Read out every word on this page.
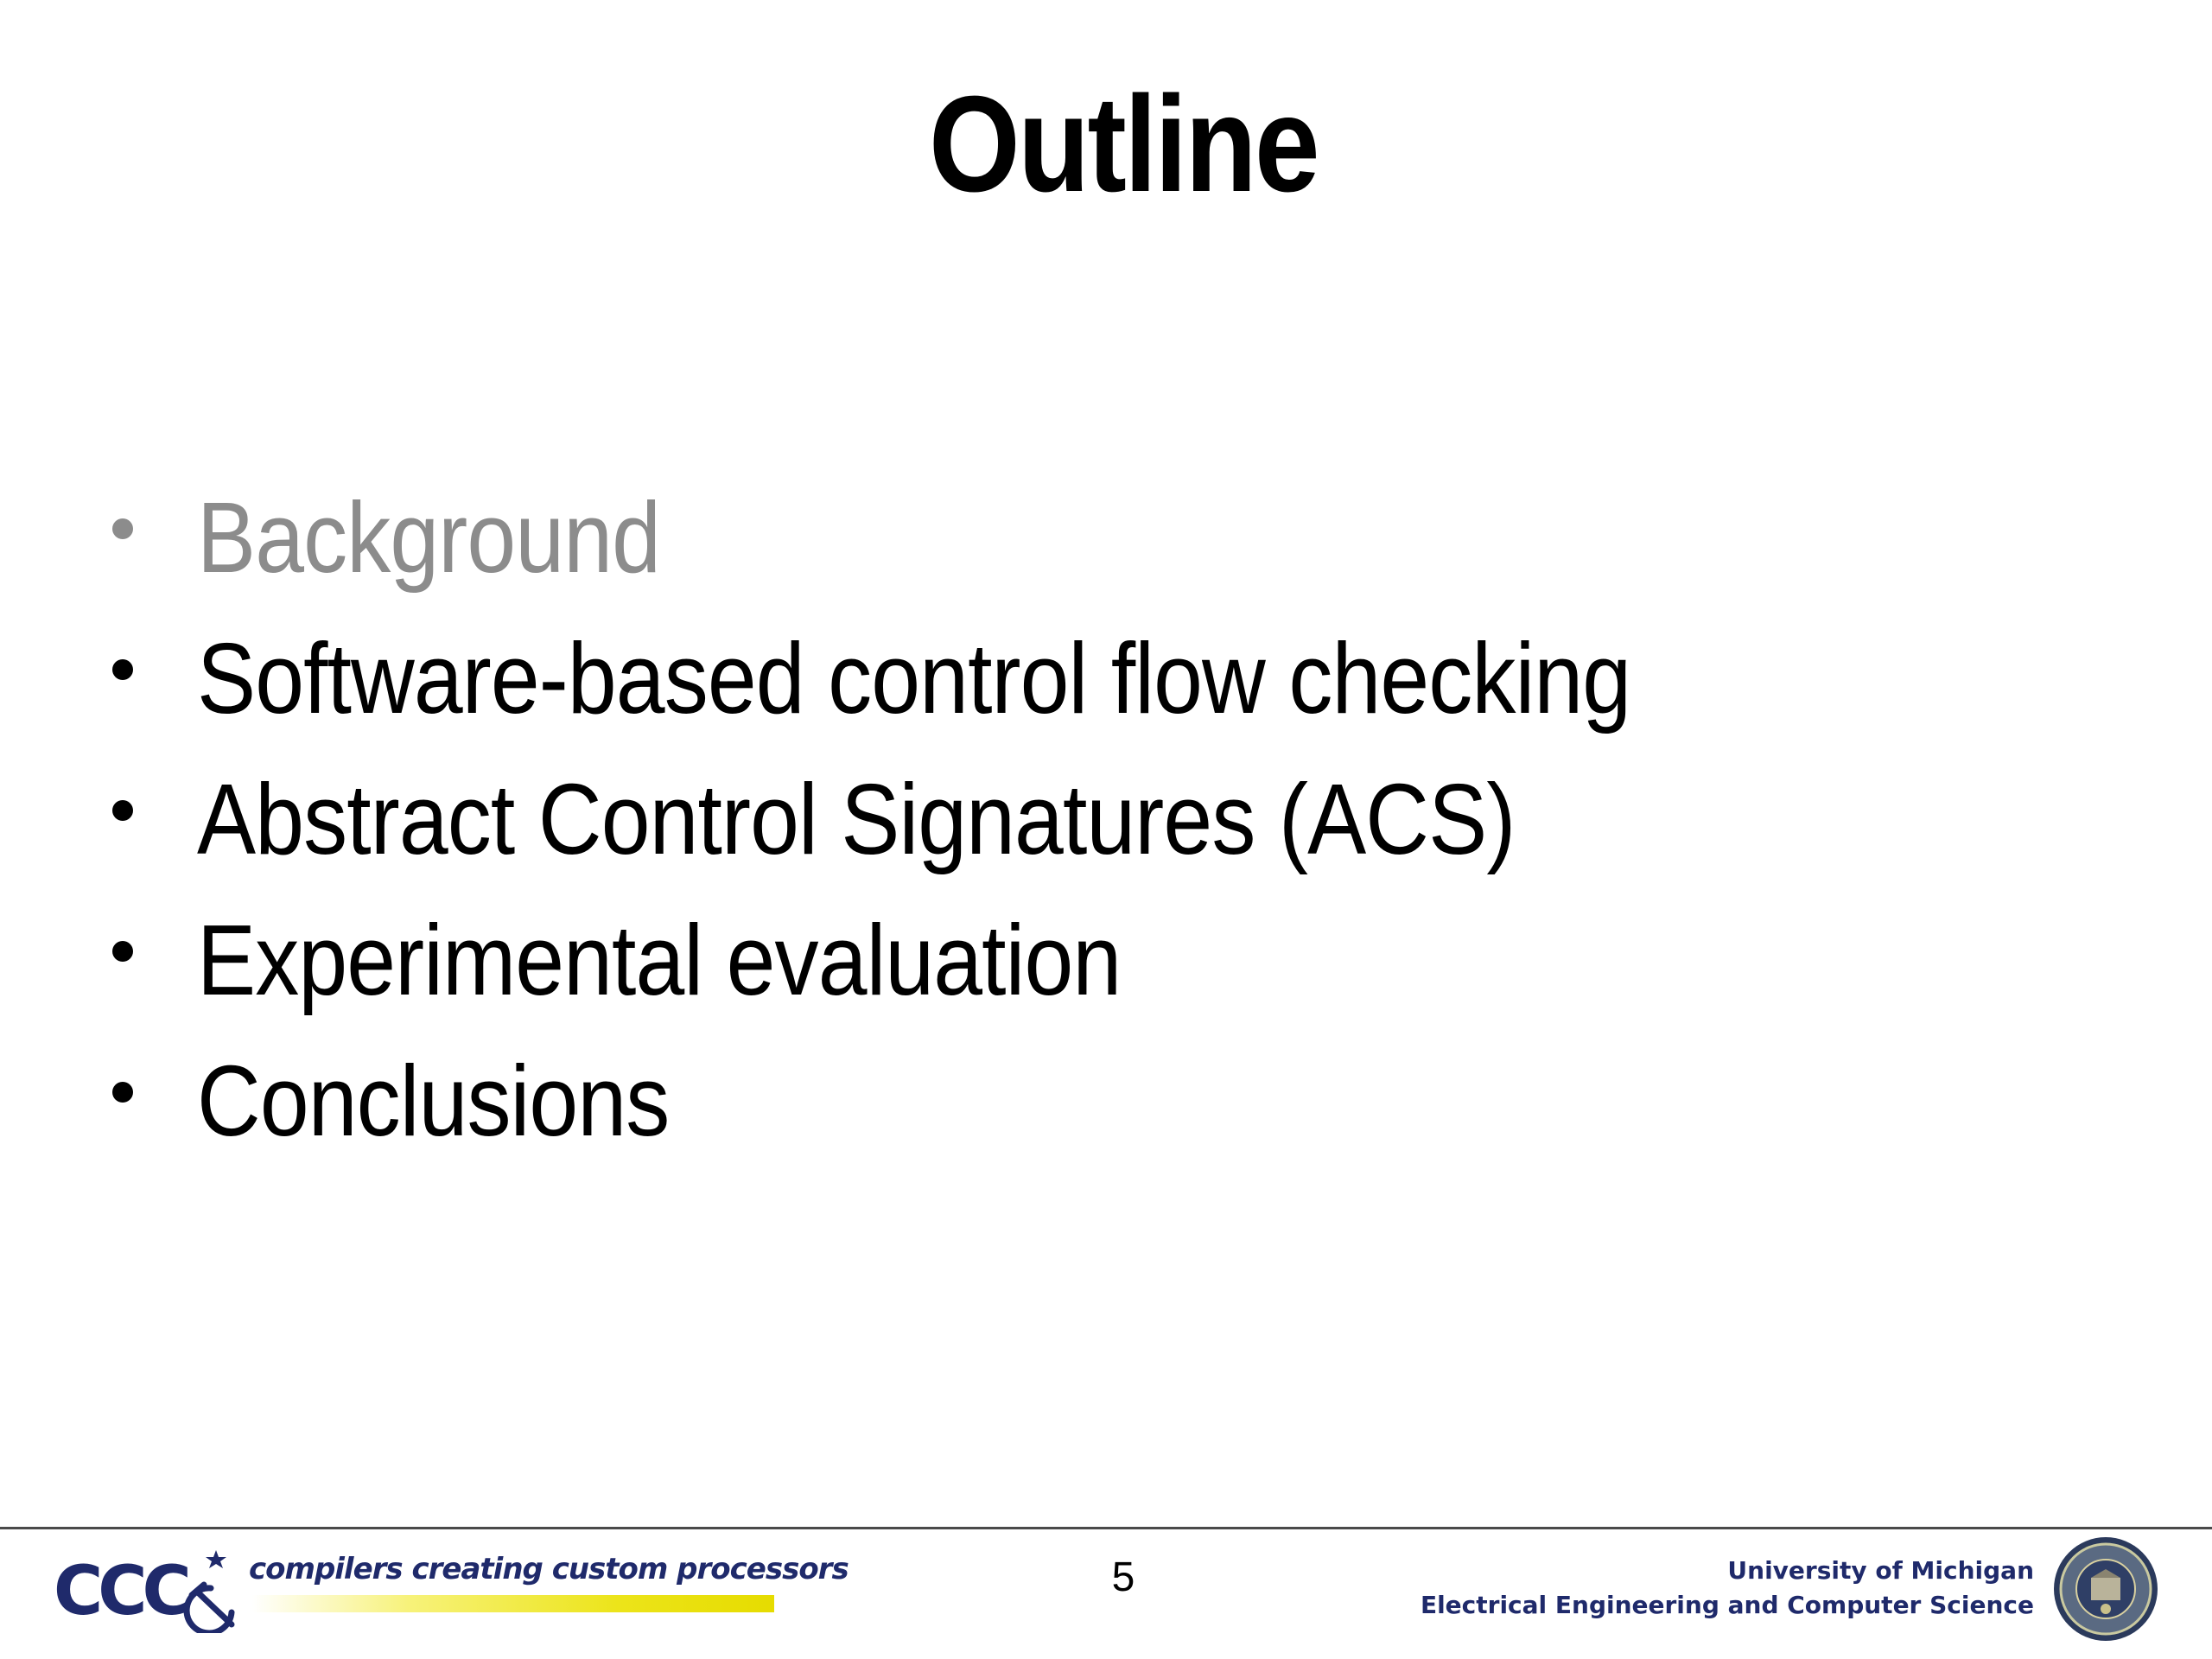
Outline
Background
Software-based control flow checking
Abstract Control Signatures (ACS)
Experimental evaluation
Conclusions
CCC compilers creating custom processors	5	University of Michigan
Electrical Engineering and Computer Science
